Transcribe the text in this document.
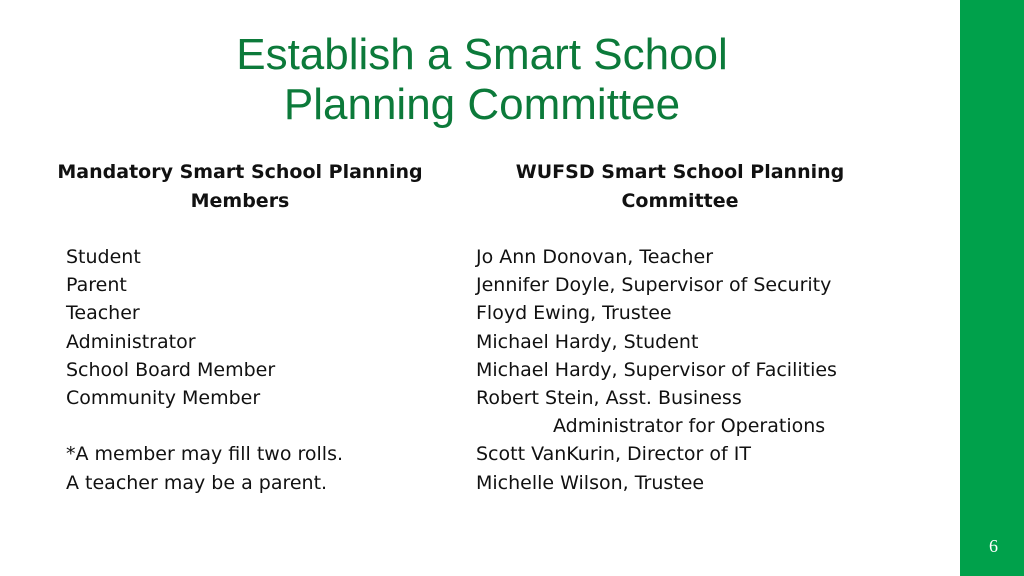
6
Establish a Smart School
Planning Committee
Mandatory Smart School Planning
Members
Student
Parent
Teacher
Administrator
School Board Member
Community Member
*A member may fill two rolls.
A teacher may be a parent.
WUFSD Smart School Planning
Committee
Jo Ann Donovan, Teacher
Jennifer Doyle, Supervisor of Security
Floyd Ewing, Trustee
Michael Hardy, Student
Michael Hardy, Supervisor of Facilities
Robert Stein, Asst. Business
Administrator for Operations
Scott VanKurin, Director of IT
Michelle Wilson, Trustee
